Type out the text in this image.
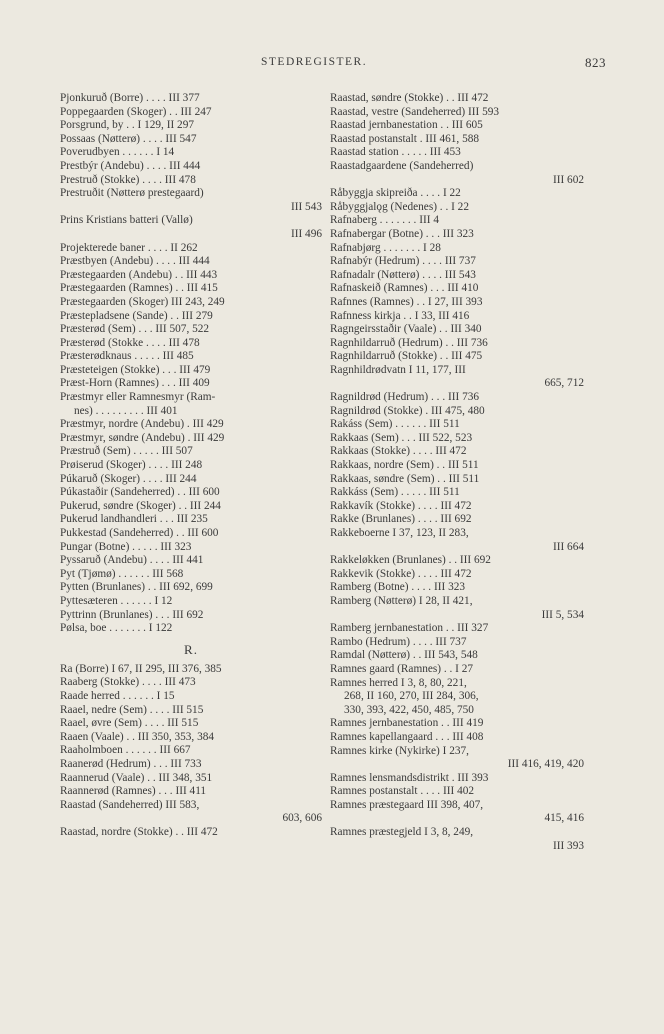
STEDREGISTER.	823
Pjonkuruð (Borre) . . . . III 377
Poppegaarden (Skoger) . . III 247
Porsgrund, by . . I 129, II 297
Possaas (Nøtterø) . . . . III 547
Poverudbyen . . . . . . I 14
Prestbýr (Andebu) . . . . III 444
Prestruð (Stokke) . . . . III 478
Prestruðit (Nøtterø prestegaard)
III 543
Prins Kristians batteri (Vallø)
III 496
Projekterede baner . . . . II 262
Præstbyen (Andebu) . . . . III 444
Præstegaarden (Andebu) . . III 443
Præstegaarden (Ramnes) . . III 415
Præstegaarden (Skoger) III 243, 249
Præstepladsene (Sande) . . III 279
Præsterød (Sem) . . . III 507, 522
Præsterød (Stokke . . . . III 478
Præsterødknaus . . . . . III 485
Præsteteigen (Stokke) . . . III 479
Præst-Horn (Ramnes) . . . III 409
Præstmyr eller Ramnesmyr (Ram-
nes) . . . . . . . . . III 401
Præstmyr, nordre (Andebu) . III 429
Præstmyr, søndre (Andebu) . III 429
Præstruð (Sem) . . . . . III 507
Prøiserud (Skoger) . . . . III 248
Púkaruð (Skoger) . . . . III 244
Púkastaðir (Sandeherred) . . III 600
Pukerud, søndre (Skoger) . . III 244
Pukerud landhandleri . . . III 235
Pukkestad (Sandeherred) . . III 600
Pungar (Botne) . . . . . III 323
Pyssaruð (Andebu) . . . . III 441
Pyt (Tjømø) . . . . . . III 568
Pytten (Brunlanes) . . III 692, 699
Pyttesæteren . . . . . . I 12
Pyttrinn (Brunlanes) . . . III 692
Pølsa, boe . . . . . . . I 122
R.
Ra (Borre) I 67, II 295, III 376, 385
Raaberg (Stokke) . . . . III 473
Raade herred . . . . . . I 15
Raael, nedre (Sem) . . . . III 515
Raael, øvre (Sem) . . . . III 515
Raaen (Vaale) . . III 350, 353, 384
Raaholmboen . . . . . . III 667
Raanerød (Hedrum) . . . III 733
Raannerud (Vaale) . . III 348, 351
Raannerød (Ramnes) . . . III 411
Raastad (Sandeherred) III 583,
603, 606
Raastad, nordre (Stokke) . . III 472
Raastad, søndre (Stokke) . . III 472
Raastad, vestre (Sandeherred) III 593
Raastad jernbanestation . . III 605
Raastad postanstalt . III 461, 588
Raastad station . . . . . III 453
Raastadgaardene (Sandeherred)
III 602
Råbyggja skipreiða . . . . I 22
Råbyggjalǫg (Nedenes) . . I 22
Rafnaberg . . . . . . . III 4
Rafnabergar (Botne) . . . III 323
Rafnabjørg . . . . . . . I 28
Rafnabýr (Hedrum) . . . . III 737
Rafnadalr (Nøtterø) . . . . III 543
Rafnaskeið (Ramnes) . . . III 410
Rafnnes (Ramnes) . . I 27, III 393
Rafnness kirkja . . I 33, III 416
Ragngeirsstaðir (Vaale) . . III 340
Ragnhildarruð (Hedrum) . . III 736
Ragnhildarruð (Stokke) . . III 475
Ragnhildrødvatn I 11, 177, III
665, 712
Ragnildrød (Hedrum) . . . III 736
Ragnildrød (Stokke) . III 475, 480
Rakáss (Sem) . . . . . . III 511
Rakkaas (Sem) . . . III 522, 523
Rakkaas (Stokke) . . . . III 472
Rakkaas, nordre (Sem) . . III 511
Rakkaas, søndre (Sem) . . III 511
Rakkáss (Sem) . . . . . III 511
Rakkavík (Stokke) . . . . III 472
Rakke (Brunlanes) . . . . III 692
Rakkeboerne I 37, 123, II 283,
III 664
Rakkeløkken (Brunlanes) . . III 692
Rakkevik (Stokke) . . . . III 472
Ramberg (Botne) . . . . III 323
Ramberg (Nøtterø) I 28, II 421,
III 5, 534
Ramberg jernbanestation . . III 327
Rambo (Hedrum) . . . . III 737
Ramdal (Nøtterø) . . III 543, 548
Ramnes gaard (Ramnes) . . I 27
Ramnes herred I 3, 8, 80, 221,
268, II 160, 270, III 284, 306,
330, 393, 422, 450, 485, 750
Ramnes jernbanestation . . III 419
Ramnes kapellangaard . . . III 408
Ramnes kirke (Nykirke) I 237,
III 416, 419, 420
Ramnes lensmandsdistrikt . III 393
Ramnes postanstalt . . . . III 402
Ramnes præstegaard III 398, 407,
415, 416
Ramnes præstegjeld I 3, 8, 249,
III 393
